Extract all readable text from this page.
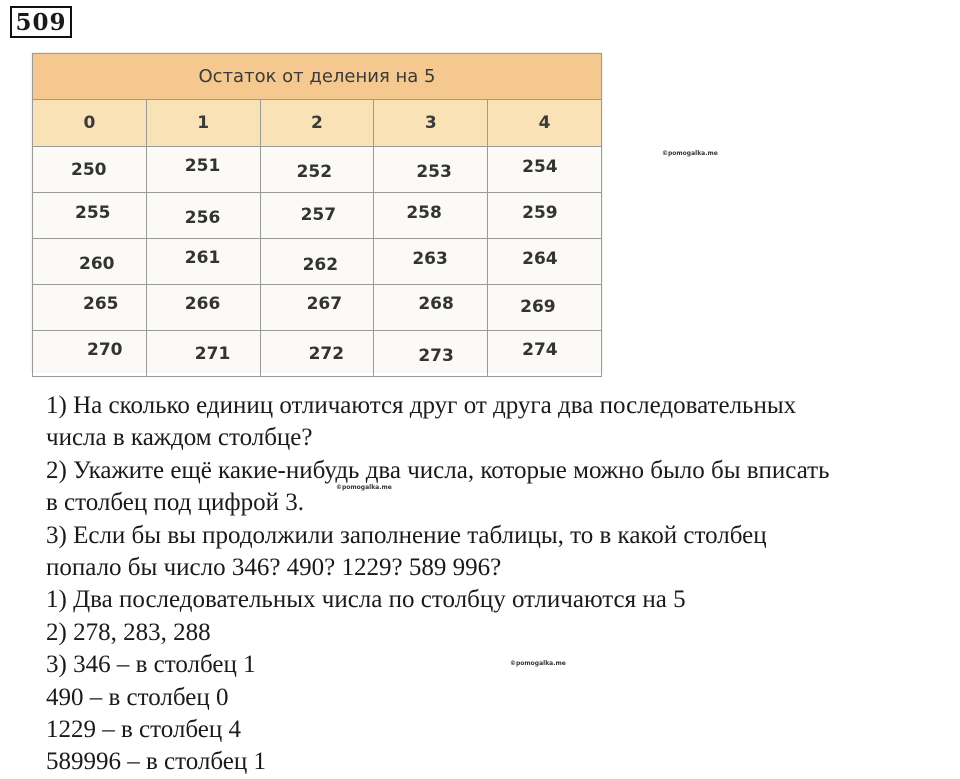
509
Остаток от деления на 5				
0	1	2	3	4

250	251	252	253	254

255	256	257	258	259

260	261	262	263	264

265	266	267	268	269

270	271	272	273	274
©pomogalka.me
©pomogalka.me
©pomogalka.me
1) На сколько единиц отличаются друг от друга два последовательных
числа в каждом столбце?
2) Укажите ещё какие-нибудь два числа, которые можно было бы вписать
в столбец под цифрой 3.
3) Если бы вы продолжили заполнение таблицы, то в какой столбец
попало бы число 346? 490? 1229? 589 996?
1) Два последовательных числа по столбцу отличаются на 5
2) 278, 283, 288
3) 346 – в столбец 1
490 – в столбец 0
1229 – в столбец 4
589996 – в столбец 1
